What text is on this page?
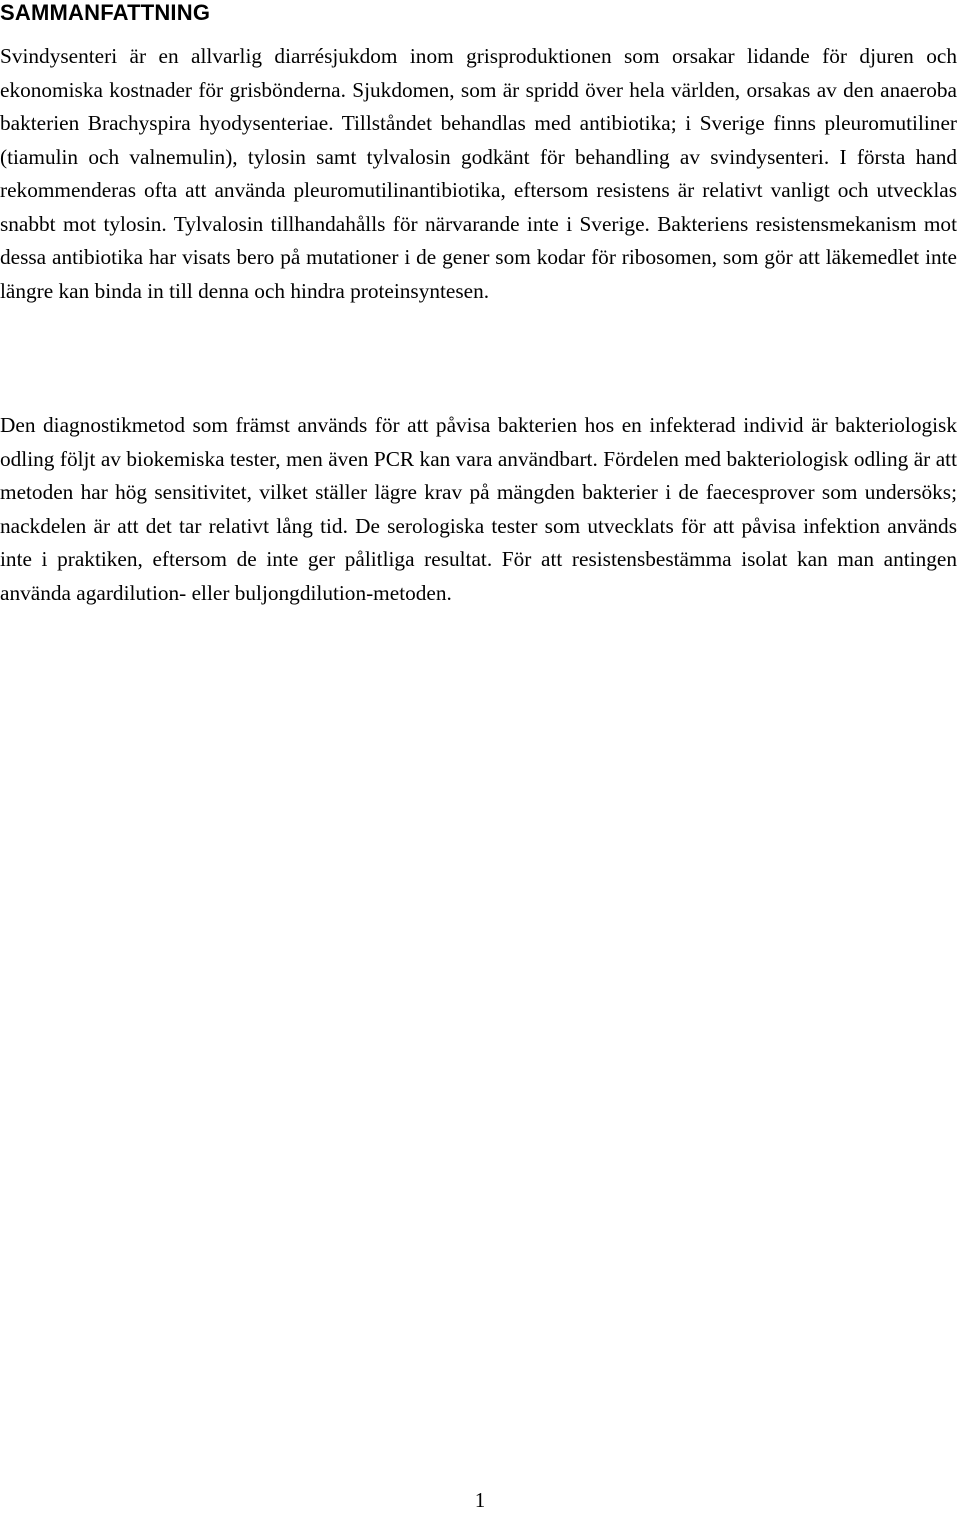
SAMMANFATTNING

Svindysenteri är en allvarlig diarrésjukdom inom grisproduktionen som orsakar lidande för djuren och ekonomiska kostnader för grisbönderna. Sjukdomen, som är spridd över hela världen, orsakas av den anaeroba bakterien Brachyspira hyodysenteriae. Tillståndet behandlas med antibiotika; i Sverige finns pleuromutiliner (tiamulin och valnemulin), tylosin samt tylvalosin godkänt för behandling av svindysenteri. I första hand rekommenderas ofta att använda pleuromutilinantibiotika, eftersom resistens är relativt vanligt och utvecklas snabbt mot tylosin. Tylvalosin tillhandahålls för närvarande inte i Sverige. Bakteriens resistensmekanism mot dessa antibiotika har visats bero på mutationer i de gener som kodar för ribosomen, som gör att läkemedlet inte längre kan binda in till denna och hindra proteinsyntesen.

Den diagnostikmetod som främst används för att påvisa bakterien hos en infekterad individ är bakteriologisk odling följt av biokemiska tester, men även PCR kan vara användbart. Fördelen med bakteriologisk odling är att metoden har hög sensitivitet, vilket ställer lägre krav på mängden bakterier i de faecesprover som undersöks; nackdelen är att det tar relativt lång tid. De serologiska tester som utvecklats för att påvisa infektion används inte i praktiken, eftersom de inte ger pålitliga resultat. För att resistensbestämma isolat kan man antingen använda agardilution- eller buljongdilution-metoden.

1
